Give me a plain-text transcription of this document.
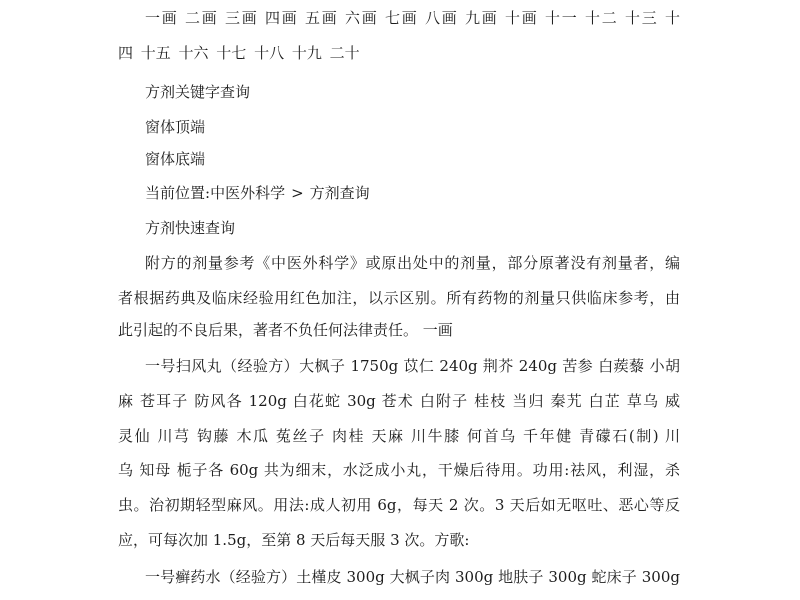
一画 二画 三画 四画 五画 六画 七画 八画 九画 十画 十一 十二 十三 十
四 十五 十六 十七 十八 十九 二十
方剂关键字查询
窗体顶端
窗体底端
当前位置:中医外科学 > 方剂查询
方剂快速查询
附方的剂量参考《中医外科学》或原出处中的剂量，部分原著没有剂量者，编
者根据药典及临床经验用红色加注，以示区别。所有药物的剂量只供临床参考，由
此引起的不良后果，著者不负任何法律责任。 一画
一号扫风丸（经验方）大枫子 1750g 苡仁 240g 荆芥 240g 苦参 白蒺藜 小胡
麻 苍耳子 防风各 120g 白花蛇 30g 苍术 白附子 桂枝 当归 秦艽 白芷 草乌 威
灵仙 川芎 钩藤 木瓜 菟丝子 肉桂 天麻 川牛膝 何首乌 千年健 青礞石(制) 川
乌 知母 栀子各 60g 共为细末，水泛成小丸，干燥后待用。功用:祛风，利湿，杀
虫。治初期轻型麻风。用法:成人初用 6g，每天 2 次。3 天后如无呕吐、恶心等反
应，可每次加 1.5g，至第 8 天后每天服 3 次。方歌:
一号癣药水（经验方）土槿皮 300g 大枫子肉 300g 地肤子 300g 蛇床子 300g
